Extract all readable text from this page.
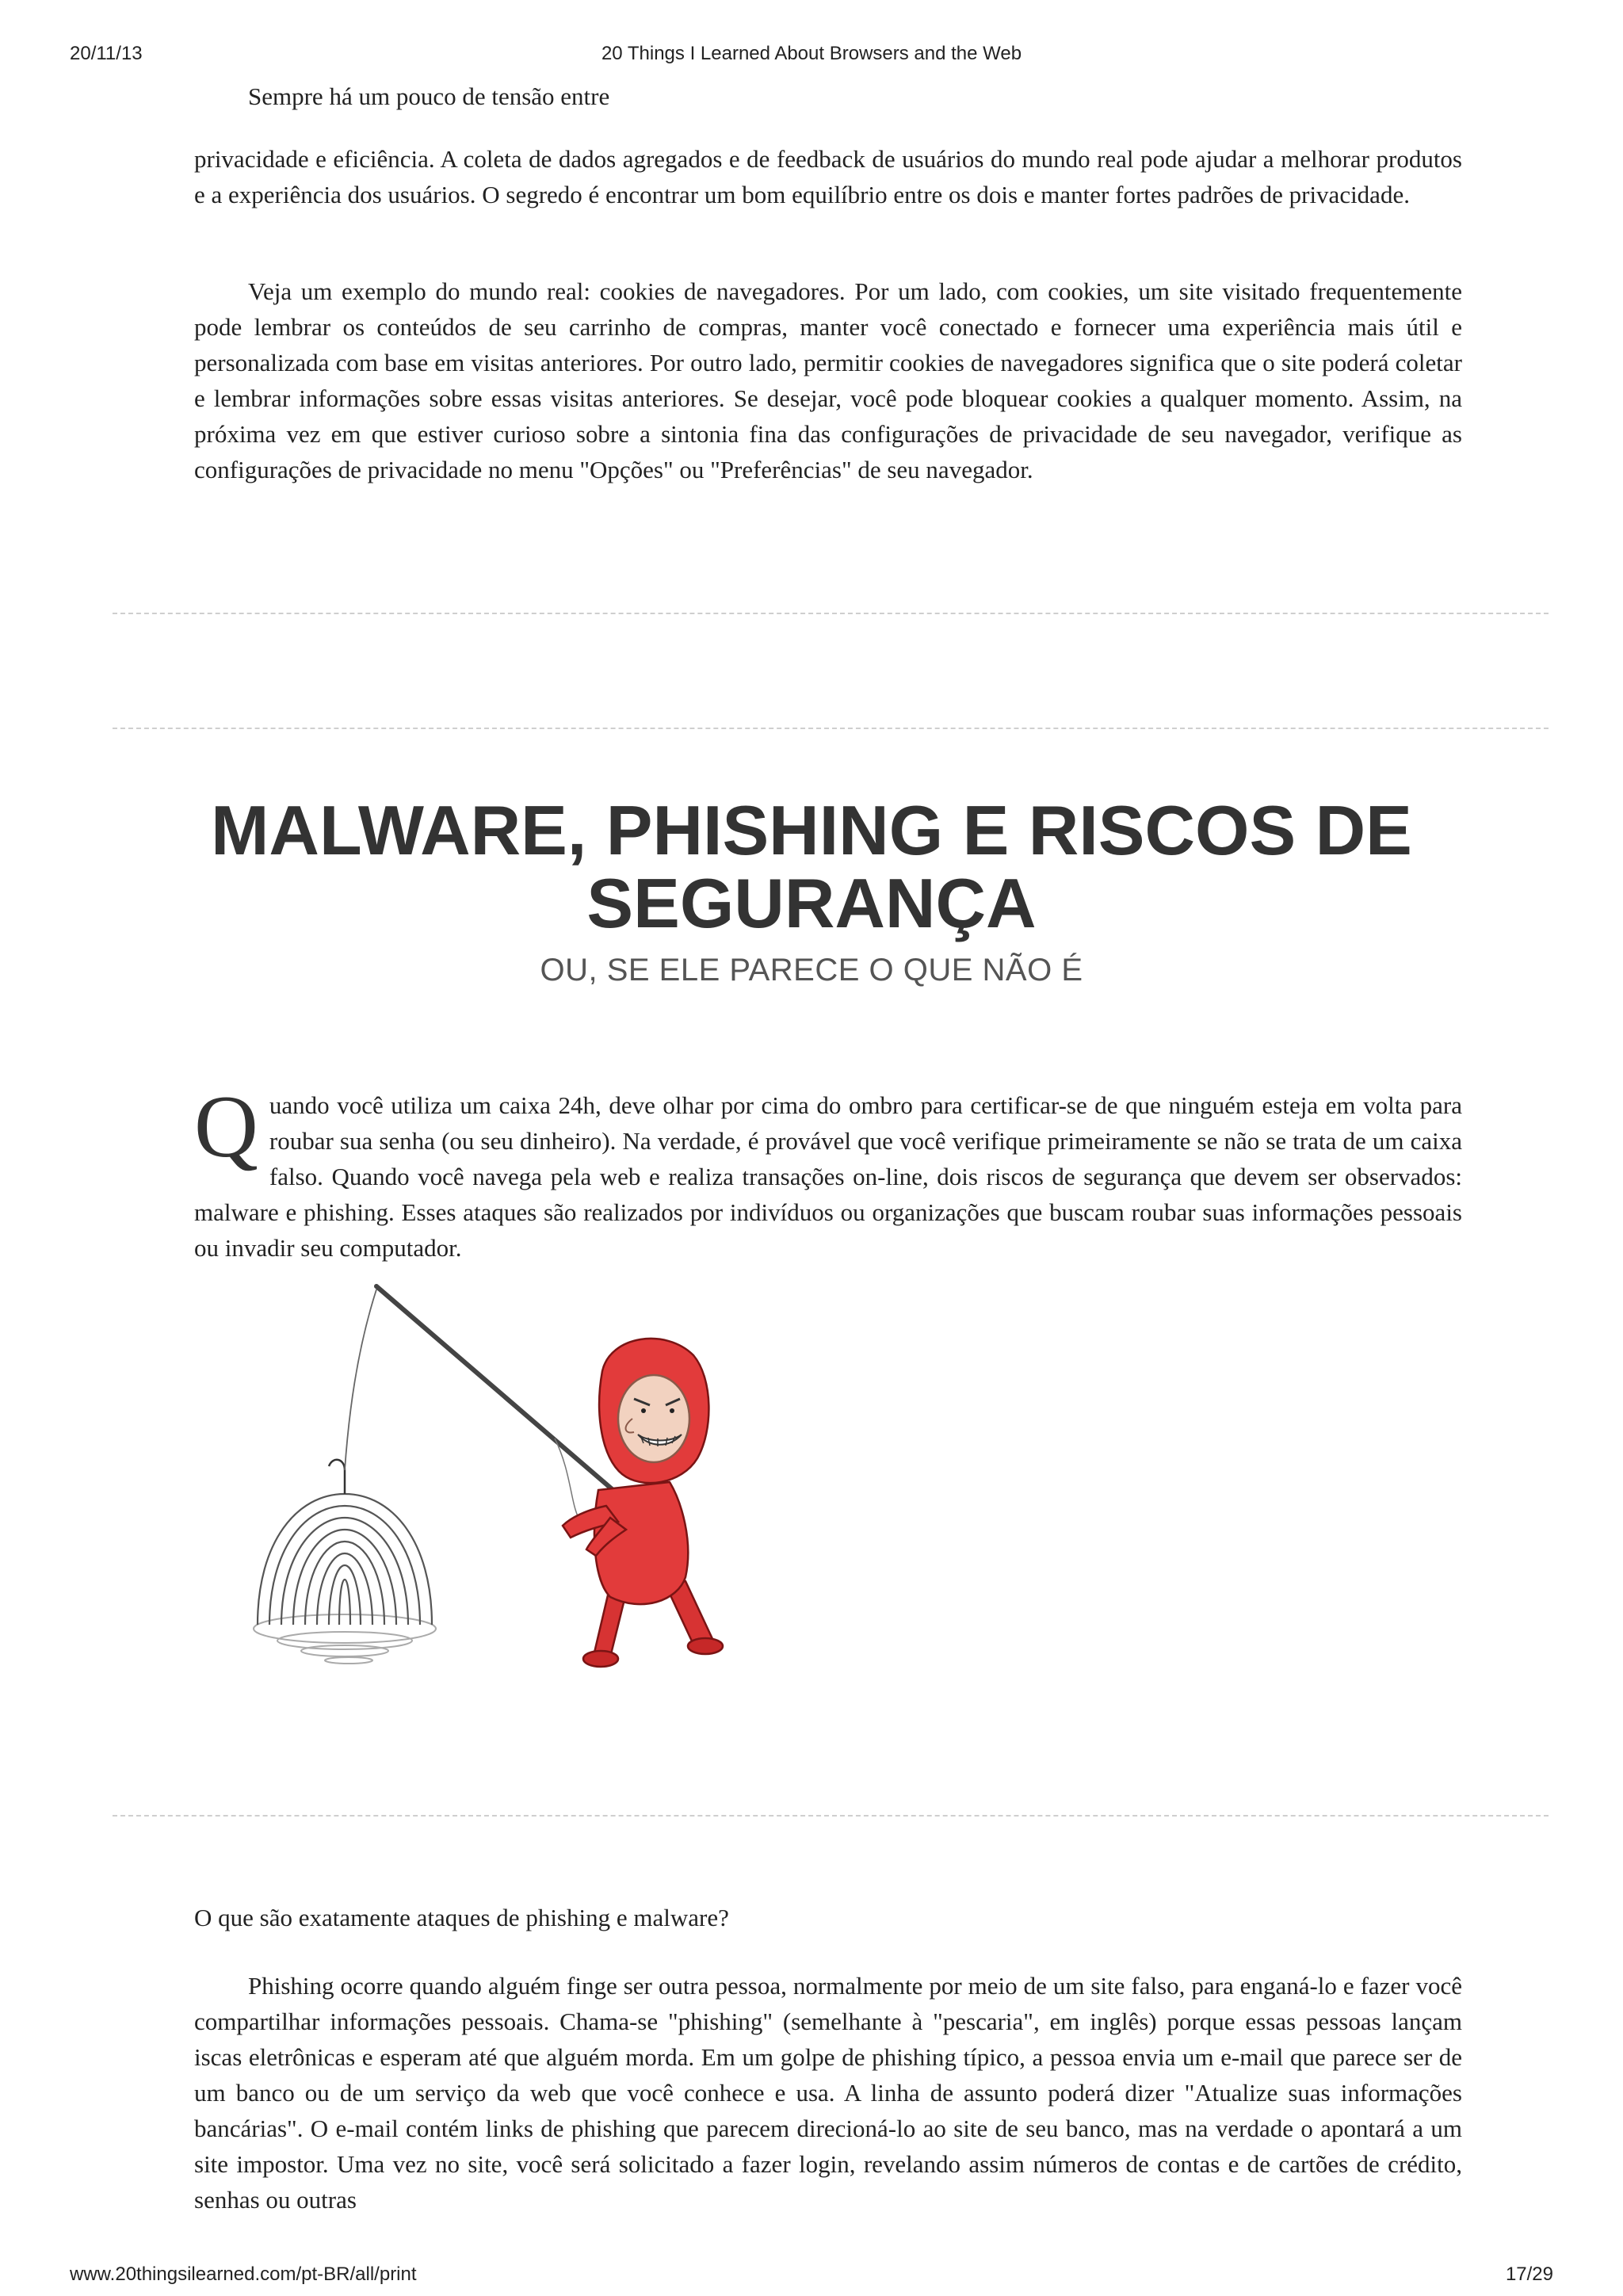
20/11/13	20 Things I Learned About Browsers and the Web

Sempre há um pouco de tensão entre

privacidade e eficiência. A coleta de dados agregados e de feedback de usuários do mundo real pode ajudar a melhorar produtos e a experiência dos usuários. O segredo é encontrar um bom equilíbrio entre os dois e manter fortes padrões de privacidade.

Veja um exemplo do mundo real: cookies de navegadores. Por um lado, com cookies, um site visitado frequentemente pode lembrar os conteúdos de seu carrinho de compras, manter você conectado e fornecer uma experiência mais útil e personalizada com base em visitas anteriores. Por outro lado, permitir cookies de navegadores significa que o site poderá coletar e lembrar informações sobre essas visitas anteriores. Se desejar, você pode bloquear cookies a qualquer momento. Assim, na próxima vez em que estiver curioso sobre a sintonia fina das configurações de privacidade de seu navegador, verifique as configurações de privacidade no menu "Opções" ou "Preferências" de seu navegador.

MALWARE, PHISHING E RISCOS DE
SEGURANÇA
OU, SE ELE PARECE O QUE NÃO É
Quando você utiliza um caixa 24h, deve olhar por cima do ombro para certificar-se de que ninguém esteja em volta para roubar sua senha (ou seu dinheiro). Na verdade, é provável que você verifique primeiramente se não se trata de um caixa falso. Quando você navega pela web e realiza transações on-line, dois riscos de segurança que devem ser observados: malware e phishing. Esses ataques são realizados por indivíduos ou organizações que buscam roubar suas informações pessoais ou invadir seu computador.

O que são exatamente ataques de phishing e malware?

Phishing ocorre quando alguém finge ser outra pessoa, normalmente por meio de um site falso, para enganá-lo e fazer você compartilhar informações pessoais. Chama-se "phishing" (semelhante à "pescaria", em inglês) porque essas pessoas lançam iscas eletrônicas e esperam até que alguém morda. Em um golpe de phishing típico, a pessoa envia um e-mail que parece ser de um banco ou de um serviço da web que você conhece e usa. A linha de assunto poderá dizer "Atualize suas informações bancárias". O e-mail contém links de phishing que parecem direcioná-lo ao site de seu banco, mas na verdade o apontará a um site impostor. Uma vez no site, você será solicitado a fazer login, revelando assim números de contas e de cartões de crédito, senhas ou outras

www.20thingsilearned.com/pt-BR/all/print	17/29
